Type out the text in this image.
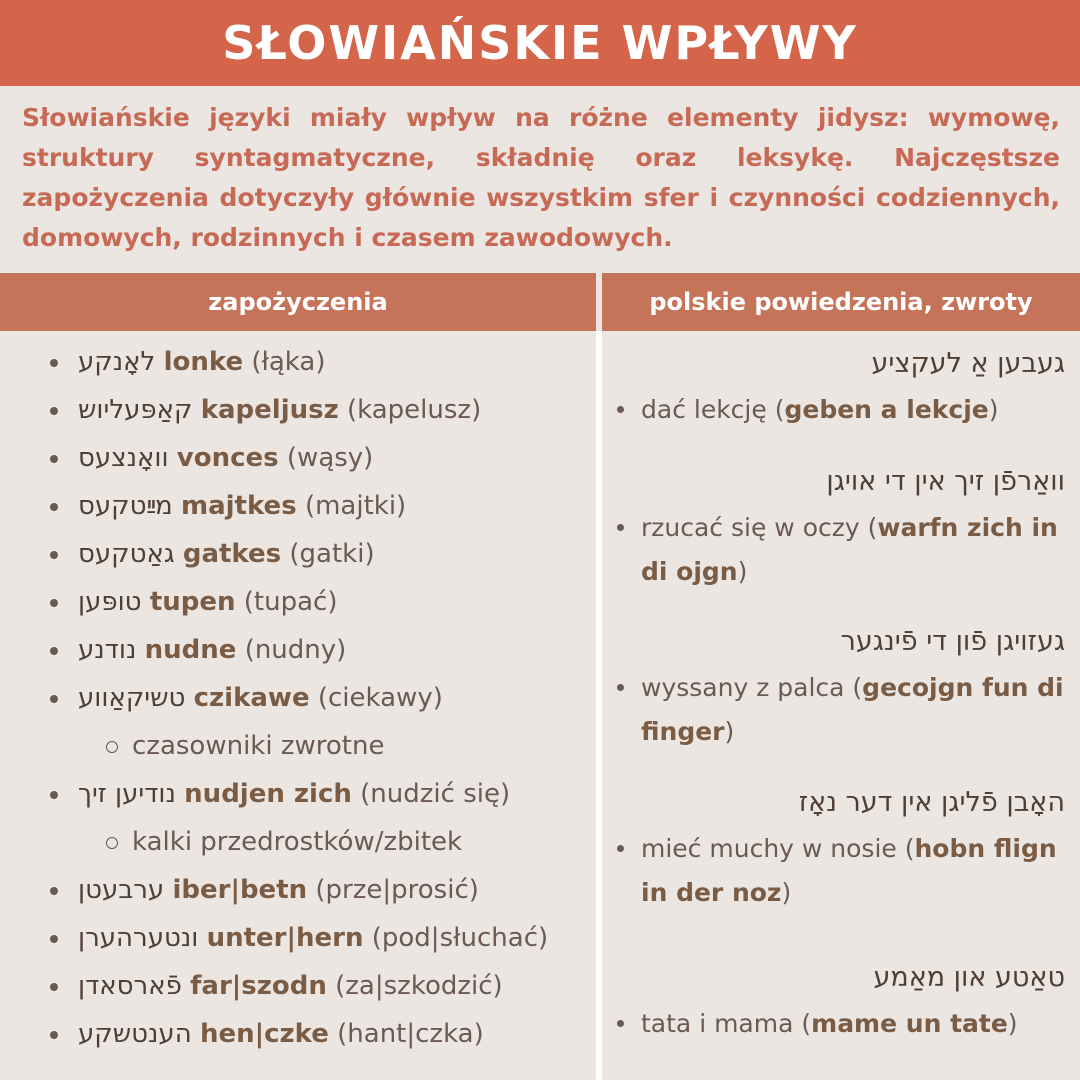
SŁOWIAŃSKIE WPŁYWY

Słowiańskie języki miały wpływ na różne elementy jidysz: wymowę, struktury syntagmatyczne, składnię oraz leksykę. Najczęstsze zapożyczenia dotyczyły głównie wszystkim sfer i czynności codziennych, domowych, rodzinnych i czasem zawodowych.

zapożyczenia	polskie powiedzenia, zwroty
לאָנקע lonke (łąka)
קאַפּעליוש kapeljusz (kapelusz)
וואָנצעס vonces (wąsy)
מײַטקעס majtkes (majtki)
גאַטקעס gatkes (gatki)
טופּען tupen (tupać)
נודנע nudne (nudny)
טשיקאַווע czikawe (ciekawy)
czasowniki zwrotne
נודיען זיך nudjen zich (nudzić się)
kalki przedrostków/zbitek
ערבעטן iber|betn (prze|prosić)
ונטערהערן unter|hern (pod|słuchać)
פֿארסאדן far|szodn (za|szkodzić)
הענטשקע hen|czke (hant|czka)
געבען אַ לעקציע
dać lekcję (geben a lekcje)
וואַרפֿן זיך אין די אויגן
rzucać się w oczy (warfn zich in di ojgn)
געזויגן פֿון די פֿינגער
wyssany z palca (gecojgn fun di finger)
האָבן פֿליגן אין דער נאָז
mieć muchy w nosie (hobn flign in der noz)
טאַטע און מאַמע
tata i mama (mame un tate)
